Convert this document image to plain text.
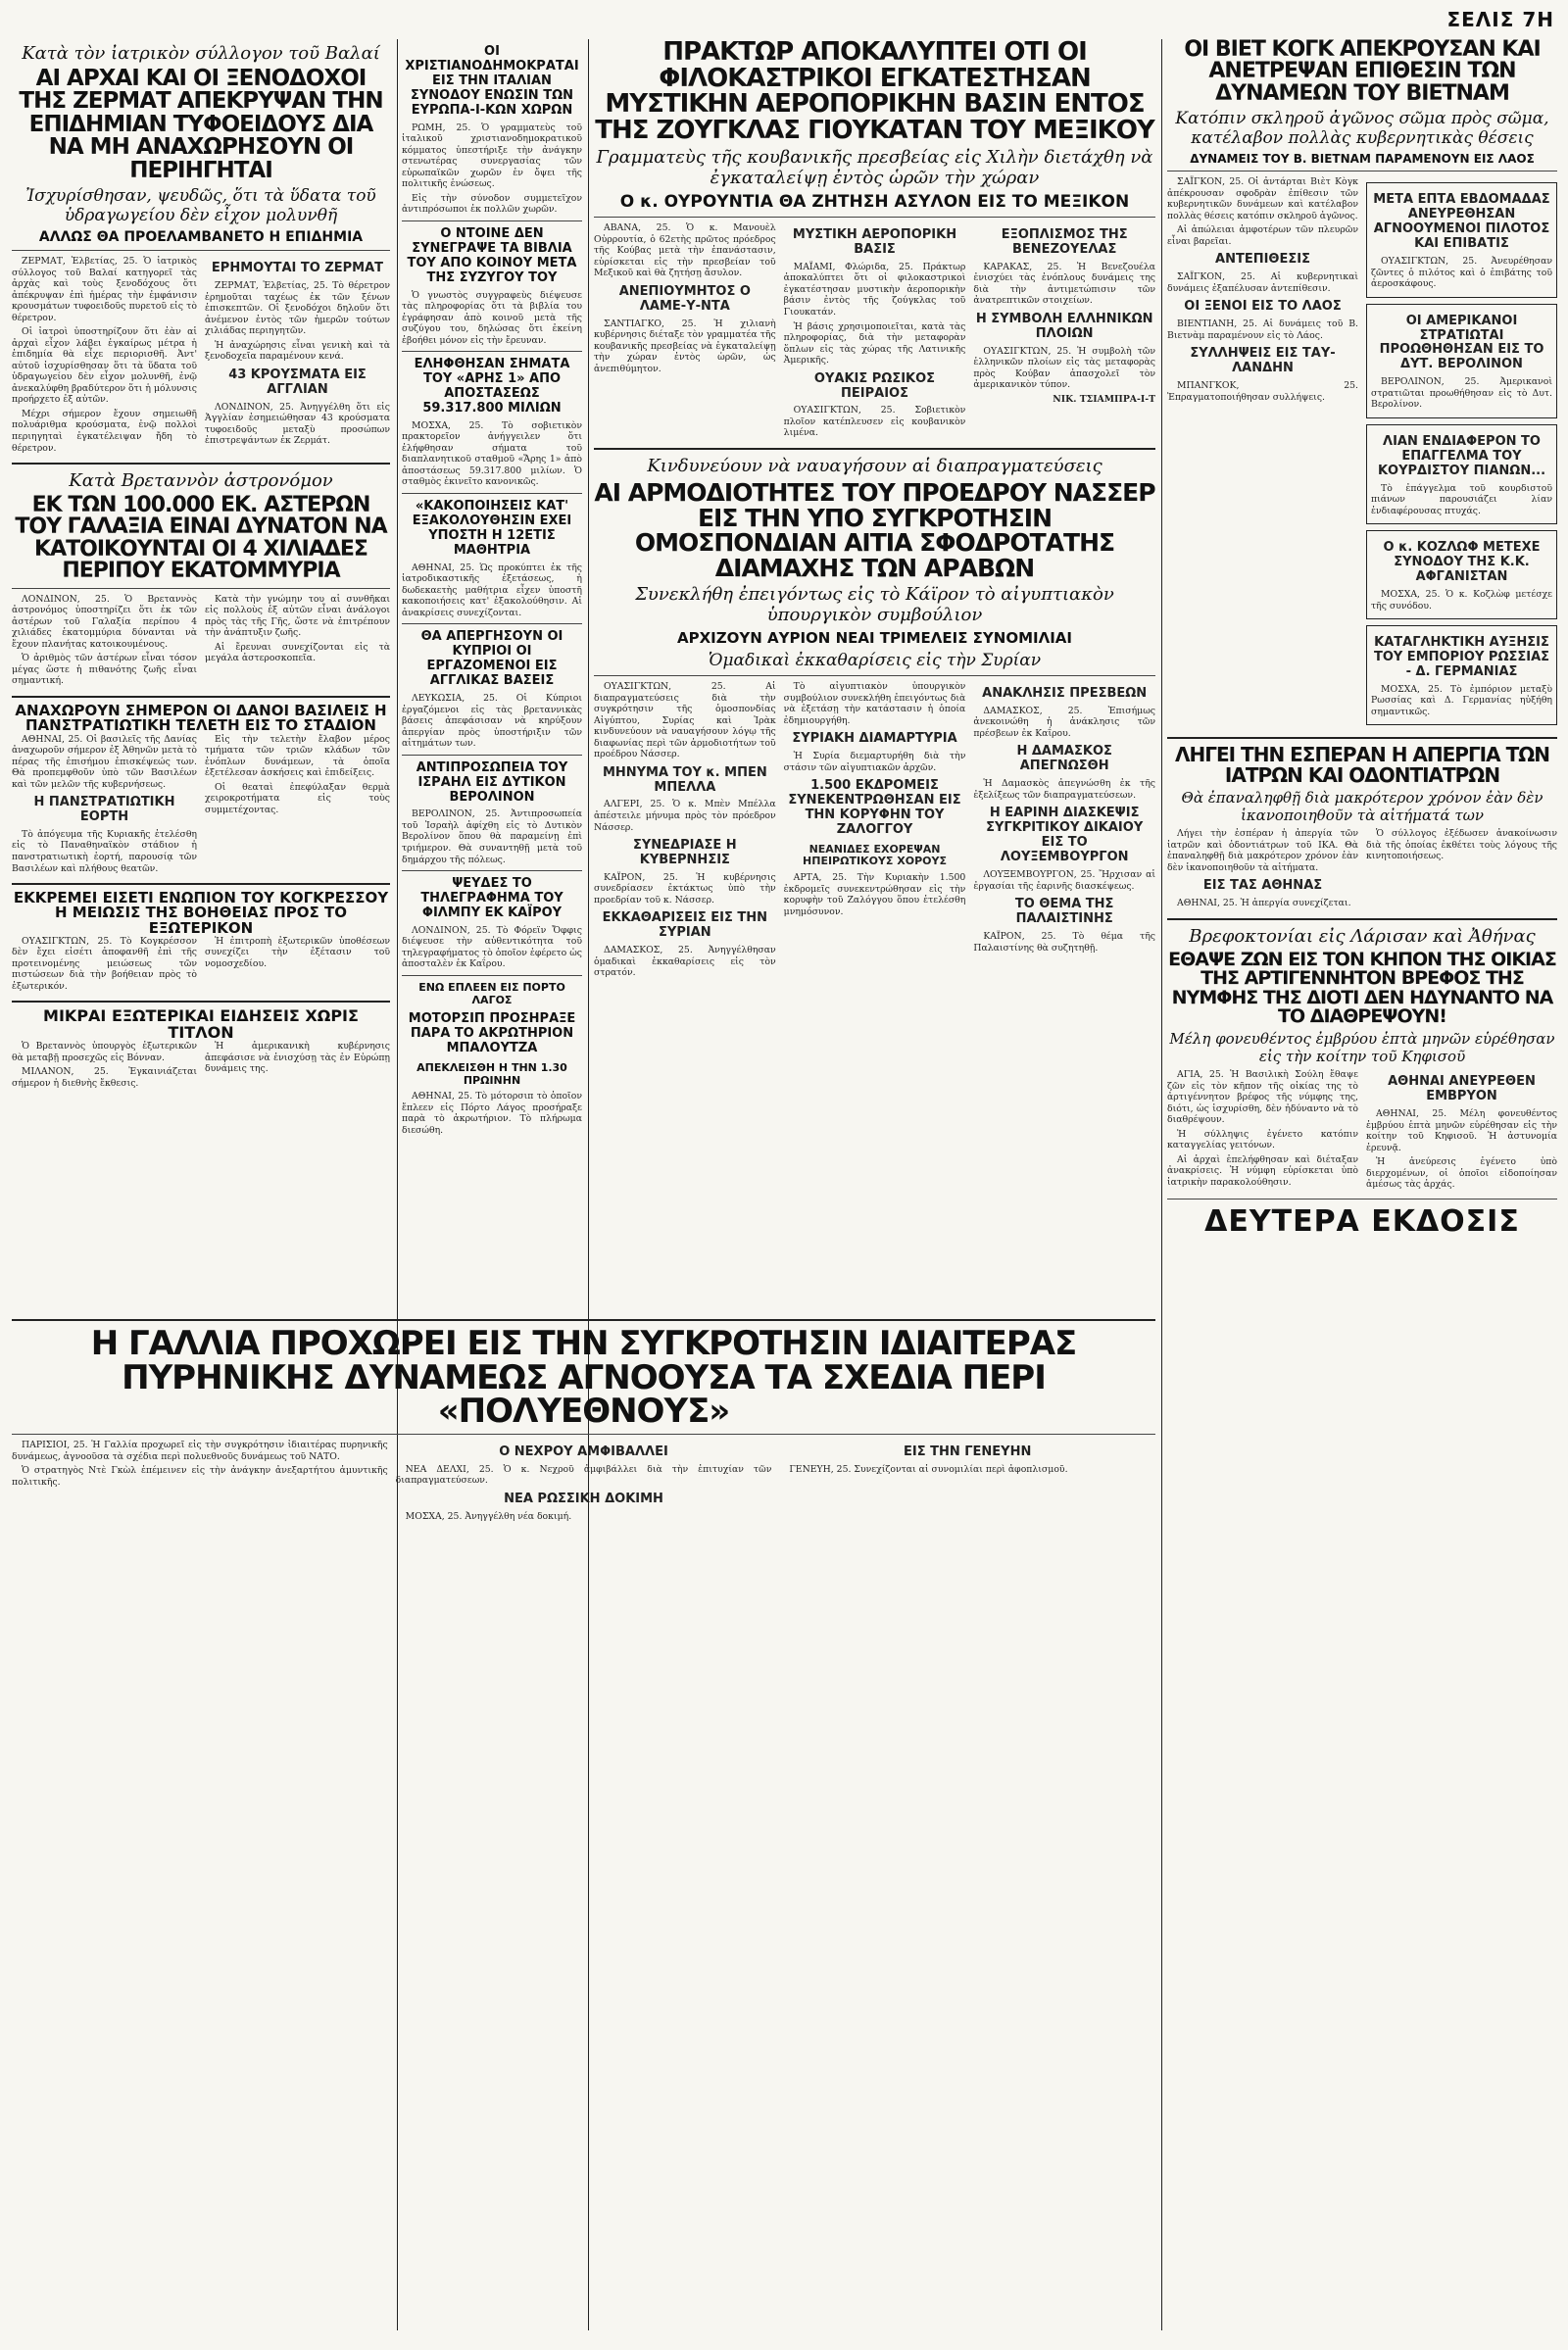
ΣΕΛΙΣ 7Η
Κατὰ τὸν ἰατρικὸν σύλλογον τοῦ Βαλαί
ΑΙ ΑΡΧΑΙ ΚΑΙ ΟΙ ΞΕΝΟΔΟΧΟΙ ΤΗΣ ΖΕΡΜΑΤ ΑΠΕΚΡΥΨΑΝ ΤΗΝ ΕΠΙΔΗΜΙΑΝ ΤΥΦΟΕΙΔΟΥΣ ΔΙΑ ΝΑ ΜΗ ΑΝΑΧΩΡΗΣΟΥΝ ΟΙ ΠΕΡΙΗΓΗΤΑΙ
Ἰσχυρίσθησαν, ψευδῶς, ὅτι τὰ ὕδατα τοῦ ὑδραγωγείου δὲν εἶχον μολυνθῆ
ΑΛΛΩΣ ΘΑ ΠΡΟΕΛΑΜΒΑΝΕΤΟ Η ΕΠΙΔΗΜΙΑ

ΖΕΡΜΑΤ, Ἑλβετίας, 25. Ὁ ἰατρικὸς σύλλογος τοῦ Βαλαί κατηγορεῖ τὰς ἀρχὰς καὶ τοὺς ξενοδόχους ὅτι ἀπέκρυψαν ἐπὶ ἡμέρας τὴν ἐμφάνισιν κρουσμάτων τυφοειδοῦς πυρετοῦ εἰς τὸ θέρετρον.

Οἱ ἰατροὶ ὑποστηρίζουν ὅτι ἐὰν αἱ ἀρχαὶ εἶχον λάβει ἐγκαίρως μέτρα ἡ ἐπιδημία θὰ εἶχε περιορισθῆ. Ἀντ' αὐτοῦ ἰσχυρίσθησαν ὅτι τὰ ὕδατα τοῦ ὑδραγωγείου δὲν εἶχον μολυνθῆ, ἐνῷ ἀνεκαλύφθη βραδύτερον ὅτι ἡ μόλυνσις προήρχετο ἐξ αὐτῶν.

Μέχρι σήμερον ἔχουν σημειωθῆ πολυάριθμα κρούσματα, ἐνῷ πολλοὶ περιηγηταὶ ἐγκατέλειψαν ἤδη τὸ θέρετρον.

ΕΡΗΜΟΥΤΑΙ ΤΟ ΖΕΡΜΑΤ

ΖΕΡΜΑΤ, Ἑλβετίας, 25. Τὸ θέρετρον ἐρημοῦται ταχέως ἐκ τῶν ξένων ἐπισκεπτῶν. Οἱ ξενοδόχοι δηλοῦν ὅτι ἀνέμενον ἐντὸς τῶν ἡμερῶν τούτων χιλιάδας περιηγητῶν.

Ἡ ἀναχώρησις εἶναι γενικὴ καὶ τὰ ξενοδοχεῖα παραμένουν κενά.

43 ΚΡΟΥΣΜΑΤΑ ΕΙΣ ΑΓΓΛΙΑΝ

ΛΟΝΔΙΝΟΝ, 25. Ἀνηγγέλθη ὅτι εἰς Ἀγγλίαν ἐσημειώθησαν 43 κρούσματα τυφοειδοῦς μεταξὺ προσώπων ἐπιστρεψάντων ἐκ Ζερμάτ.

Κατὰ Βρεταννὸν ἀστρονόμον
ΕΚ ΤΩΝ 100.000 ΕΚ. ΑΣΤΕΡΩΝ ΤΟΥ ΓΑΛΑΞΙΑ ΕΙΝΑΙ ΔΥΝΑΤΟΝ ΝΑ ΚΑΤΟΙΚΟΥΝΤΑΙ ΟΙ 4 ΧΙΛΙΑΔΕΣ ΠΕΡΙΠΟΥ ΕΚΑΤΟΜΜΥΡΙΑ

ΛΟΝΔΙΝΟΝ, 25. Ὁ Βρεταννὸς ἀστρονόμος ὑποστηρίζει ὅτι ἐκ τῶν ἀστέρων τοῦ Γαλαξία περίπου 4 χιλιάδες ἑκατομμύρια δύνανται νὰ ἔχουν πλανήτας κατοικουμένους.

Ὁ ἀριθμὸς τῶν ἀστέρων εἶναι τόσον μέγας ὥστε ἡ πιθανότης ζωῆς εἶναι σημαντική.

Κατὰ τὴν γνώμην του αἱ συνθῆκαι εἰς πολλοὺς ἐξ αὐτῶν εἶναι ἀνάλογοι πρὸς τὰς τῆς Γῆς, ὥστε νὰ ἐπιτρέπουν τὴν ἀνάπτυξιν ζωῆς.

Αἱ ἔρευναι συνεχίζονται εἰς τὰ μεγάλα ἀστεροσκοπεῖα.

ΑΝΑΧΩΡΟΥΝ ΣΗΜΕΡΟΝ ΟΙ ΔΑΝΟΙ ΒΑΣΙΛΕΙΣ Η ΠΑΝΣΤΡΑΤΙΩΤΙΚΗ ΤΕΛΕΤΗ ΕΙΣ ΤΟ ΣΤΑΔΙΟΝ

ΑΘΗΝΑΙ, 25. Οἱ βασιλεῖς τῆς Δανίας ἀναχωροῦν σήμερον ἐξ Ἀθηνῶν μετὰ τὸ πέρας τῆς ἐπισήμου ἐπισκέψεώς των. Θὰ προπεμφθοῦν ὑπὸ τῶν Βασιλέων καὶ τῶν μελῶν τῆς κυβερνήσεως.

Η ΠΑΝΣΤΡΑΤΙΩΤΙΚΗ ΕΟΡΤΗ

Τὸ ἀπόγευμα τῆς Κυριακῆς ἐτελέσθη εἰς τὸ Παναθηναϊκὸν στάδιον ἡ πανστρατιωτικὴ ἑορτή, παρουσίᾳ τῶν Βασιλέων καὶ πλήθους θεατῶν.

Εἰς τὴν τελετὴν ἔλαβον μέρος τμήματα τῶν τριῶν κλάδων τῶν ἐνόπλων δυνάμεων, τὰ ὁποῖα ἐξετέλεσαν ἀσκήσεις καὶ ἐπιδείξεις.

Οἱ θεαταὶ ἐπεφύλαξαν θερμὰ χειροκροτήματα εἰς τοὺς συμμετέχοντας.

ΕΚΚΡΕΜΕΙ ΕΙΣΕΤΙ ΕΝΩΠΙΟΝ ΤΟΥ ΚΟΓΚΡΕΣΣΟΥ Η ΜΕΙΩΣΙΣ ΤΗΣ ΒΟΗΘΕΙΑΣ ΠΡΟΣ ΤΟ ΕΞΩΤΕΡΙΚΟΝ

ΟΥΑΣΙΓΚΤΩΝ, 25. Τὸ Κογκρέσσον δὲν ἔχει εἰσέτι ἀποφανθῆ ἐπὶ τῆς προτεινομένης μειώσεως τῶν πιστώσεων διὰ τὴν βοήθειαν πρὸς τὸ ἐξωτερικόν.

Ἡ ἐπιτροπὴ ἐξωτερικῶν ὑποθέσεων συνεχίζει τὴν ἐξέτασιν τοῦ νομοσχεδίου.

ΜΙΚΡΑΙ ΕΞΩΤΕΡΙΚΑΙ ΕΙΔΗΣΕΙΣ ΧΩΡΙΣ ΤΙΤΛΟΝ

Ὁ Βρεταννὸς ὑπουργὸς ἐξωτερικῶν θὰ μεταβῇ προσεχῶς εἰς Βόνναν.

ΜΙΛΑΝΟΝ, 25. Ἐγκαινιάζεται σήμερον ἡ διεθνὴς ἔκθεσις.

Ἡ ἀμερικανικὴ κυβέρνησις ἀπεφάσισε νὰ ἐνισχύσῃ τὰς ἐν Εὐρώπῃ δυνάμεις της.

ΟΙ ΧΡΙΣΤΙΑΝΟΔΗΜΟΚΡΑΤΑΙ ΕΙΣ ΤΗΝ ΙΤΑΛΙΑΝ ΣΥΝΟΔΟΥ ΕΝΩΣΙΝ ΤΩΝ ΕΥΡΩΠΑ-Ι-ΚΩΝ ΧΩΡΩΝ

ΡΩΜΗ, 25. Ὁ γραμματεὺς τοῦ ἰταλικοῦ χριστιανοδημοκρατικοῦ κόμματος ὑπεστήριξε τὴν ἀνάγκην στενωτέρας συνεργασίας τῶν εὐρωπαϊκῶν χωρῶν ἐν ὄψει τῆς πολιτικῆς ἑνώσεως.

Εἰς τὴν σύνοδον συμμετεῖχον ἀντιπρόσωποι ἐκ πολλῶν χωρῶν.

Ο ΝΤΟΙΝΕ ΔΕΝ ΣΥΝΕΓΡΑΨΕ ΤΑ ΒΙΒΛΙΑ ΤΟΥ ΑΠΟ ΚΟΙΝΟΥ ΜΕΤΑ ΤΗΣ ΣΥΖΥΓΟΥ ΤΟΥ

Ὁ γνωστὸς συγγραφεὺς διέψευσε τὰς πληροφορίας ὅτι τὰ βιβλία του ἐγράφησαν ἀπὸ κοινοῦ μετὰ τῆς συζύγου του, δηλώσας ὅτι ἐκείνη ἐβοήθει μόνον εἰς τὴν ἔρευναν.

ΕΛΗΦΘΗΣΑΝ ΣΗΜΑΤΑ ΤΟΥ «ΑΡΗΣ 1» ΑΠΟ ΑΠΟΣΤΑΣΕΩΣ 59.317.800 ΜΙΛΙΩΝ

ΜΟΣΧΑ, 25. Τὸ σοβιετικὸν πρακτορεῖον ἀνήγγειλεν ὅτι ἐλήφθησαν σήματα τοῦ διαπλανητικοῦ σταθμοῦ «Ἄρης 1» ἀπὸ ἀποστάσεως 59.317.800 μιλίων. Ὁ σταθμὸς ἐκινεῖτο κανονικῶς.

«ΚΑΚΟΠΟΙΗΣΕΙΣ ΚΑΤ' ΕΞΑΚΟΛΟΥΘΗΣΙΝ ΕΧΕΙ ΥΠΟΣΤΗ Η 12ΕΤΙΣ ΜΑΘΗΤΡΙΑ

ΑΘΗΝΑΙ, 25. Ὡς προκύπτει ἐκ τῆς ἰατροδικαστικῆς ἐξετάσεως, ἡ δωδεκαετὴς μαθήτρια εἶχεν ὑποστῆ κακοποιήσεις κατ' ἐξακολούθησιν. Αἱ ἀνακρίσεις συνεχίζονται.

ΘΑ ΑΠΕΡΓΗΣΟΥΝ ΟΙ ΚΥΠΡΙΟΙ ΟΙ ΕΡΓΑΖΟΜΕΝΟΙ ΕΙΣ ΑΓΓΛΙΚΑΣ ΒΑΣΕΙΣ

ΛΕΥΚΩΣΙΑ, 25. Οἱ Κύπριοι ἐργαζόμενοι εἰς τὰς βρεταννικὰς βάσεις ἀπεφάσισαν νὰ κηρύξουν ἀπεργίαν πρὸς ὑποστήριξιν τῶν αἰτημάτων των.

ΑΝΤΙΠΡΟΣΩΠΕΙΑ ΤΟΥ ΙΣΡΑΗΛ ΕΙΣ ΔΥΤΙΚΟΝ ΒΕΡΟΛΙΝΟΝ

ΒΕΡΟΛΙΝΟΝ, 25. Ἀντιπροσωπεία τοῦ Ἰσραὴλ ἀφίχθη εἰς τὸ Δυτικὸν Βερολίνον ὅπου θὰ παραμείνῃ ἐπὶ τριήμερον. Θὰ συναντηθῇ μετὰ τοῦ δημάρχου τῆς πόλεως.

ΨΕΥΔΕΣ ΤΟ ΤΗΛΕΓΡΑΦΗΜΑ ΤΟΥ ΦΙΛΜΠΥ ΕΚ ΚΑΪΡΟΥ

ΛΟΝΔΙΝΟΝ, 25. Τὸ Φόρεϊν Ὄφφις διέψευσε τὴν αὐθεντικότητα τοῦ τηλεγραφήματος τὸ ὁποῖον ἐφέρετο ὡς ἀποσταλὲν ἐκ Καΐρου.

ΕΝΩ ΕΠΛΕΕΝ ΕΙΣ ΠΟΡΤΟ ΛΑΓΟΣ
ΜΟΤΟΡΣΙΠ ΠΡΟΣΗΡΑΞΕ ΠΑΡΑ ΤΟ ΑΚΡΩΤΗΡΙΟΝ ΜΠΑΛΟΥΤΖΑ
ΑΠΕΚΛΕΙΣΘΗ Η ΤΗΝ 1.30 ΠΡΩΙΝΗΝ

ΑΘΗΝΑΙ, 25. Τὸ μότορσιπ τὸ ὁποῖον ἔπλεεν εἰς Πόρτο Λάγος προσήραξε παρὰ τὸ ἀκρωτήριον. Τὸ πλήρωμα διεσώθη.

ΠΡΑΚΤΩΡ ΑΠΟΚΑΛΥΠΤΕΙ ΟΤΙ ΟΙ ΦΙΛΟΚΑΣΤΡΙΚΟΙ ΕΓΚΑΤΕΣΤΗΣΑΝ ΜΥΣΤΙΚΗΝ ΑΕΡΟΠΟΡΙΚΗΝ ΒΑΣΙΝ ΕΝΤΟΣ ΤΗΣ ΖΟΥΓΚΛΑΣ ΓΙΟΥΚΑΤΑΝ ΤΟΥ ΜΕΞΙΚΟΥ
Γραμματεὺς τῆς κουβανικῆς πρεσβείας εἰς Χιλὴν διετάχθη νὰ ἐγκαταλείψῃ ἐντὸς ὡρῶν τὴν χώραν
Ο κ. ΟΥΡΟΥΝΤΙΑ ΘΑ ΖΗΤΗΣΗ ΑΣΥΛΟΝ ΕΙΣ ΤΟ ΜΕΞΙΚΟΝ

ΑΒΑΝΑ, 25. Ὁ κ. Μανουὲλ Οὐρρουτία, ὁ 62ετὴς πρῶτος πρόεδρος τῆς Κούβας μετὰ τὴν ἐπανάστασιν, εὑρίσκεται εἰς τὴν πρεσβείαν τοῦ Μεξικοῦ καὶ θὰ ζητήσῃ ἄσυλον.

ΑΝΕΠΙΟΥΜΗΤΟΣ Ο ΛΑΜΕ-Υ-ΝΤΑ

ΣΑΝΤΙΑΓΚΟ, 25. Ἡ χιλιανὴ κυβέρνησις διέταξε τὸν γραμματέα τῆς κουβανικῆς πρεσβείας νὰ ἐγκαταλείψῃ τὴν χώραν ἐντὸς ὡρῶν, ὡς ἀνεπιθύμητον.

ΜΥΣΤΙΚΗ ΑΕΡΟΠΟΡΙΚΗ ΒΑΣΙΣ

ΜΑΪΑΜΙ, Φλώριδα, 25. Πράκτωρ ἀποκαλύπτει ὅτι οἱ φιλοκαστρικοὶ ἐγκατέστησαν μυστικὴν ἀεροπορικὴν βάσιν ἐντὸς τῆς ζούγκλας τοῦ Γιουκατάν.

Ἡ βάσις χρησιμοποιεῖται, κατὰ τὰς πληροφορίας, διὰ τὴν μεταφορὰν ὅπλων εἰς τὰς χώρας τῆς Λατινικῆς Ἀμερικῆς.

ΟΥΑΚΙΣ ΡΩΣΙΚΟΣ ΠΕΙΡΑΙΟΣ

ΟΥΑΣΙΓΚΤΩΝ, 25. Σοβιετικὸν πλοῖον κατέπλευσεν εἰς κουβανικὸν λιμένα.

ΕΞΟΠΛΙΣΜΟΣ ΤΗΣ ΒΕΝΕΖΟΥΕΛΑΣ

ΚΑΡΑΚΑΣ, 25. Ἡ Βενεζουέλα ἐνισχύει τὰς ἐνόπλους δυνάμεις της διὰ τὴν ἀντιμετώπισιν τῶν ἀνατρεπτικῶν στοιχείων.

Η ΣΥΜΒΟΛΗ ΕΛΛΗΝΙΚΩΝ ΠΛΟΙΩΝ

ΟΥΑΣΙΓΚΤΩΝ, 25. Ἡ συμβολὴ τῶν ἑλληνικῶν πλοίων εἰς τὰς μεταφορὰς πρὸς Κούβαν ἀπασχολεῖ τὸν ἀμερικανικὸν τύπον.

ΝΙΚ. ΤΣΙΑΜΠΡΑ-Ι-Τ

Κινδυνεύουν νὰ ναυαγήσουν αἱ διαπραγματεύσεις
ΑΙ ΑΡΜΟΔΙΟΤΗΤΕΣ ΤΟΥ ΠΡΟΕΔΡΟΥ ΝΑΣΣΕΡ ΕΙΣ ΤΗΝ ΥΠΟ ΣΥΓΚΡΟΤΗΣΙΝ ΟΜΟΣΠΟΝΔΙΑΝ ΑΙΤΙΑ ΣΦΟΔΡΟΤΑΤΗΣ ΔΙΑΜΑΧΗΣ ΤΩΝ ΑΡΑΒΩΝ
Συνεκλήθη ἐπειγόντως εἰς τὸ Κάϊρον τὸ αἰγυπτιακὸν ὑπουργικὸν συμβούλιον
ΑΡΧΙΖΟΥΝ ΑΥΡΙΟΝ ΝΕΑΙ ΤΡΙΜΕΛΕΙΣ ΣΥΝΟΜΙΛΙΑΙ
Ὁμαδικαὶ ἐκκαθαρίσεις εἰς τὴν Συρίαν

ΟΥΑΣΙΓΚΤΩΝ, 25. Αἱ διαπραγματεύσεις διὰ τὴν συγκρότησιν τῆς ὁμοσπονδίας Αἰγύπτου, Συρίας καὶ Ἰρὰκ κινδυνεύουν νὰ ναυαγήσουν λόγῳ τῆς διαφωνίας περὶ τῶν ἁρμοδιοτήτων τοῦ προέδρου Νάσσερ.

ΜΗΝΥΜΑ ΤΟΥ κ. ΜΠΕΝ ΜΠΕΛΛΑ

ΑΛΓΕΡΙ, 25. Ὁ κ. Μπὲν Μπέλλα ἀπέστειλε μήνυμα πρὸς τὸν πρόεδρον Νάσσερ.

ΣΥΝΕΔΡΙΑΣΕ Η ΚΥΒΕΡΝΗΣΙΣ

ΚΑΪΡΟΝ, 25. Ἡ κυβέρνησις συνεδρίασεν ἐκτάκτως ὑπὸ τὴν προεδρίαν τοῦ κ. Νάσσερ.

ΕΚΚΑΘΑΡΙΣΕΙΣ ΕΙΣ ΤΗΝ ΣΥΡΙΑΝ

ΔΑΜΑΣΚΟΣ, 25. Ἀνηγγέλθησαν ὁμαδικαὶ ἐκκαθαρίσεις εἰς τὸν στρατόν.

Τὸ αἰγυπτιακὸν ὑπουργικὸν συμβούλιον συνεκλήθη ἐπειγόντως διὰ νὰ ἐξετάσῃ τὴν κατάστασιν ἡ ὁποία ἐδημιουργήθη.

ΣΥΡΙΑΚΗ ΔΙΑΜΑΡΤΥΡΙΑ

Ἡ Συρία διεμαρτυρήθη διὰ τὴν στάσιν τῶν αἰγυπτιακῶν ἀρχῶν.

1.500 ΕΚΔΡΟΜΕΙΣ ΣΥΝΕΚΕΝΤΡΩΘΗΣΑΝ ΕΙΣ ΤΗΝ ΚΟΡΥΦΗΝ ΤΟΥ ΖΑΛΟΓΓΟΥ
ΝΕΑΝΙΔΕΣ ΕΧΟΡΕΨΑΝ ΗΠΕΙΡΩΤΙΚΟΥΣ ΧΟΡΟΥΣ

ΑΡΤΑ, 25. Τὴν Κυριακὴν 1.500 ἐκδρομεῖς συνεκεντρώθησαν εἰς τὴν κορυφὴν τοῦ Ζαλόγγου ὅπου ἐτελέσθη μνημόσυνον.

ΑΝΑΚΛΗΣΙΣ ΠΡΕΣΒΕΩΝ

ΔΑΜΑΣΚΟΣ, 25. Ἐπισήμως ἀνεκοινώθη ἡ ἀνάκλησις τῶν πρέσβεων ἐκ Καΐρου.

Η ΔΑΜΑΣΚΟΣ ΑΠΕΓΝΩΣΘΗ

Ἡ Δαμασκὸς ἀπεγνώσθη ἐκ τῆς ἐξελίξεως τῶν διαπραγματεύσεων.

Η ΕΑΡΙΝΗ ΔΙΑΣΚΕΨΙΣ ΣΥΓΚΡΙΤΙΚΟΥ ΔΙΚΑΙΟΥ ΕΙΣ ΤΟ ΛΟΥΞΕΜΒΟΥΡΓΟΝ

ΛΟΥΞΕΜΒΟΥΡΓΟΝ, 25. Ἤρχισαν αἱ ἐργασίαι τῆς ἐαρινῆς διασκέψεως.

ΤΟ ΘΕΜΑ ΤΗΣ ΠΑΛΑΙΣΤΙΝΗΣ

ΚΑΪΡΟΝ, 25. Τὸ θέμα τῆς Παλαιστίνης θὰ συζητηθῇ.

ΟΙ ΒΙΕΤ ΚΟΓΚ ΑΠΕΚΡΟΥΣΑΝ ΚΑΙ ΑΝΕΤΡΕΨΑΝ ΕΠΙΘΕΣΙΝ ΤΩΝ ΔΥΝΑΜΕΩΝ ΤΟΥ ΒΙΕΤΝΑΜ
Κατόπιν σκληροῦ ἀγῶνος σῶμα πρὸς σῶμα, κατέλαβον πολλὰς κυβερνητικὰς θέσεις
ΔΥΝΑΜΕΙΣ ΤΟΥ Β. ΒΙΕΤΝΑΜ ΠΑΡΑΜΕΝΟΥΝ ΕΙΣ ΛΑΟΣ

ΣΑΪΓΚΟΝ, 25. Οἱ ἀντάρται Βιὲτ Κὸγκ ἀπέκρουσαν σφοδρὰν ἐπίθεσιν τῶν κυβερνητικῶν δυνάμεων καὶ κατέλαβον πολλὰς θέσεις κατόπιν σκληροῦ ἀγῶνος.

Αἱ ἀπώλειαι ἀμφοτέρων τῶν πλευρῶν εἶναι βαρεῖαι.

ΑΝΤΕΠΙΘΕΣΙΣ

ΣΑΪΓΚΟΝ, 25. Αἱ κυβερνητικαὶ δυνάμεις ἐξαπέλυσαν ἀντεπίθεσιν.

ΟΙ ΞΕΝΟΙ ΕΙΣ ΤΟ ΛΑΟΣ

ΒΙΕΝΤΙΑΝΗ, 25. Αἱ δυνάμεις τοῦ Β. Βιετνὰμ παραμένουν εἰς τὸ Λάος.

ΣΥΛΛΗΨΕΙΣ ΕΙΣ ΤΑΥ-ΛΑΝΔΗΝ

ΜΠΑΝΓΚΟΚ, 25. Ἐπραγματοποιήθησαν συλλήψεις.

ΜΕΤΑ ΕΠΤΑ ΕΒΔΟΜΑΔΑΣ ΑΝΕΥΡΕΘΗΣΑΝ ΑΓΝΟΟΥΜΕΝΟΙ ΠΙΛΟΤΟΣ ΚΑΙ ΕΠΙΒΑΤΙΣ

ΟΥΑΣΙΓΚΤΩΝ, 25. Ἀνευρέθησαν ζῶντες ὁ πιλότος καὶ ὁ ἐπιβάτης τοῦ ἀεροσκάφους.

ΟΙ ΑΜΕΡΙΚΑΝΟΙ ΣΤΡΑΤΙΩΤΑΙ ΠΡΟΩΘΗΘΗΣΑΝ ΕΙΣ ΤΟ ΔΥΤ. ΒΕΡΟΛΙΝΟΝ

ΒΕΡΟΛΙΝΟΝ, 25. Ἀμερικανοὶ στρατιῶται προωθήθησαν εἰς τὸ Δυτ. Βερολίνον.

ΛΙΑΝ ΕΝΔΙΑΦΕΡΟΝ ΤΟ ΕΠΑΓΓΕΛΜΑ ΤΟΥ ΚΟΥΡΔΙΣΤΟΥ ΠΙΑΝΩΝ...

Τὸ ἐπάγγελμα τοῦ κουρδιστοῦ πιάνων παρουσιάζει λίαν ἐνδιαφέρουσας πτυχάς.

Ο κ. ΚΟΖΛΩΦ ΜΕΤΕΧΕ ΣΥΝΟΔΟΥ ΤΗΣ Κ.Κ. ΑΦΓΑΝΙΣΤΑΝ

ΜΟΣΧΑ, 25. Ὁ κ. Κοζλὼφ μετέσχε τῆς συνόδου.

ΚΑΤΑΓΛΗΚΤΙΚΗ ΑΥΞΗΣΙΣ ΤΟΥ ΕΜΠΟΡΙΟΥ ΡΩΣΣΙΑΣ - Δ. ΓΕΡΜΑΝΙΑΣ

ΜΟΣΧΑ, 25. Τὸ ἐμπόριον μεταξὺ Ρωσσίας καὶ Δ. Γερμανίας ηὐξήθη σημαντικῶς.

ΛΗΓΕΙ ΤΗΝ ΕΣΠΕΡΑΝ Η ΑΠΕΡΓΙΑ ΤΩΝ ΙΑΤΡΩΝ ΚΑΙ ΟΔΟΝΤΙΑΤΡΩΝ
Θὰ ἐπαναληφθῇ διὰ μακρότερον χρόνον ἐὰν δὲν ἱκανοποιηθοῦν τὰ αἰτήματά των

Λήγει τὴν ἑσπέραν ἡ ἀπεργία τῶν ἰατρῶν καὶ ὀδοντιάτρων τοῦ ΙΚΑ. Θὰ ἐπαναληφθῇ διὰ μακρότερον χρόνον ἐὰν δὲν ἱκανοποιηθοῦν τὰ αἰτήματα.

ΕΙΣ ΤΑΣ ΑΘΗΝΑΣ

ΑΘΗΝΑΙ, 25. Ἡ ἀπεργία συνεχίζεται.

Ὁ σύλλογος ἐξέδωσεν ἀνακοίνωσιν διὰ τῆς ὁποίας ἐκθέτει τοὺς λόγους τῆς κινητοποιήσεως.

Βρεφοκτονίαι εἰς Λάρισαν καὶ Ἀθήνας
ΕΘΑΨΕ ΖΩΝ ΕΙΣ ΤΟΝ ΚΗΠΟΝ ΤΗΣ ΟΙΚΙΑΣ ΤΗΣ ΑΡΤΙΓΕΝΝΗΤΟΝ ΒΡΕΦΟΣ ΤΗΣ ΝΥΜΦΗΣ ΤΗΣ ΔΙΟΤΙ ΔΕΝ ΗΔΥΝΑΝΤΟ ΝΑ ΤΟ ΔΙΑΘΡΕΨΟΥΝ!
Μέλη φονευθέντος ἐμβρύου ἑπτὰ μηνῶν εὑρέθησαν εἰς τὴν κοίτην τοῦ Κηφισοῦ

ΑΓΙΑ, 25. Ἡ Βασιλικὴ Σούλη ἔθαψε ζῶν εἰς τὸν κῆπον τῆς οἰκίας της τὸ ἀρτιγέννητον βρέφος τῆς νύμφης της, διότι, ὡς ἰσχυρίσθη, δὲν ἠδύναντο νὰ τὸ διαθρέψουν.

Ἡ σύλληψις ἐγένετο κατόπιν καταγγελίας γειτόνων.

Αἱ ἀρχαὶ ἐπελήφθησαν καὶ διέταξαν ἀνακρίσεις. Ἡ νύμφη εὑρίσκεται ὑπὸ ἰατρικὴν παρακολούθησιν.

ΑΘΗΝΑΙ ΑΝΕΥΡΕΘΕΝ ΕΜΒΡΥΟΝ

ΑΘΗΝΑΙ, 25. Μέλη φονευθέντος ἐμβρύου ἑπτὰ μηνῶν εὑρέθησαν εἰς τὴν κοίτην τοῦ Κηφισοῦ. Ἡ ἀστυνομία ἐρευνᾷ.

Ἡ ἀνεύρεσις ἐγένετο ὑπὸ διερχομένων, οἱ ὁποῖοι εἰδοποίησαν ἀμέσως τὰς ἀρχάς.

ΔΕΥΤΕΡΑ ΕΚΔΟΣΙΣ
Η ΓΑΛΛΙΑ ΠΡΟΧΩΡΕΙ ΕΙΣ ΤΗΝ ΣΥΓΚΡΟΤΗΣΙΝ ΙΔΙΑΙΤΕΡΑΣ ΠΥΡΗΝΙΚΗΣ ΔΥΝΑΜΕΩΣ ΑΓΝΟΟΥΣΑ ΤΑ ΣΧΕΔΙΑ ΠΕΡΙ «ΠΟΛΥΕΘΝΟΥΣ»

ΠΑΡΙΣΙΟΙ, 25. Ἡ Γαλλία προχωρεῖ εἰς τὴν συγκρότησιν ἰδιαιτέρας πυρηνικῆς δυνάμεως, ἀγνοοῦσα τὰ σχέδια περὶ πολυεθνοῦς δυνάμεως τοῦ ΝΑΤΟ.

Ὁ στρατηγὸς Ντὲ Γκὼλ ἐπέμεινεν εἰς τὴν ἀνάγκην ἀνεξαρτήτου ἀμυντικῆς πολιτικῆς.

Ο ΝΕΧΡΟΥ ΑΜΦΙΒΑΛΛΕΙ

ΝΕΑ ΔΕΛΧΙ, 25. Ὁ κ. Νεχροῦ ἀμφιβάλλει διὰ τὴν ἐπιτυχίαν τῶν διαπραγματεύσεων.

ΝΕΑ ΡΩΣΣΙΚΗ ΔΟΚΙΜΗ

ΜΟΣΧΑ, 25. Ἀνηγγέλθη νέα δοκιμή.

ΕΙΣ ΤΗΝ ΓΕΝΕΥΗΝ

ΓΕΝΕΥΗ, 25. Συνεχίζονται αἱ συνομιλίαι περὶ ἀφοπλισμοῦ.
